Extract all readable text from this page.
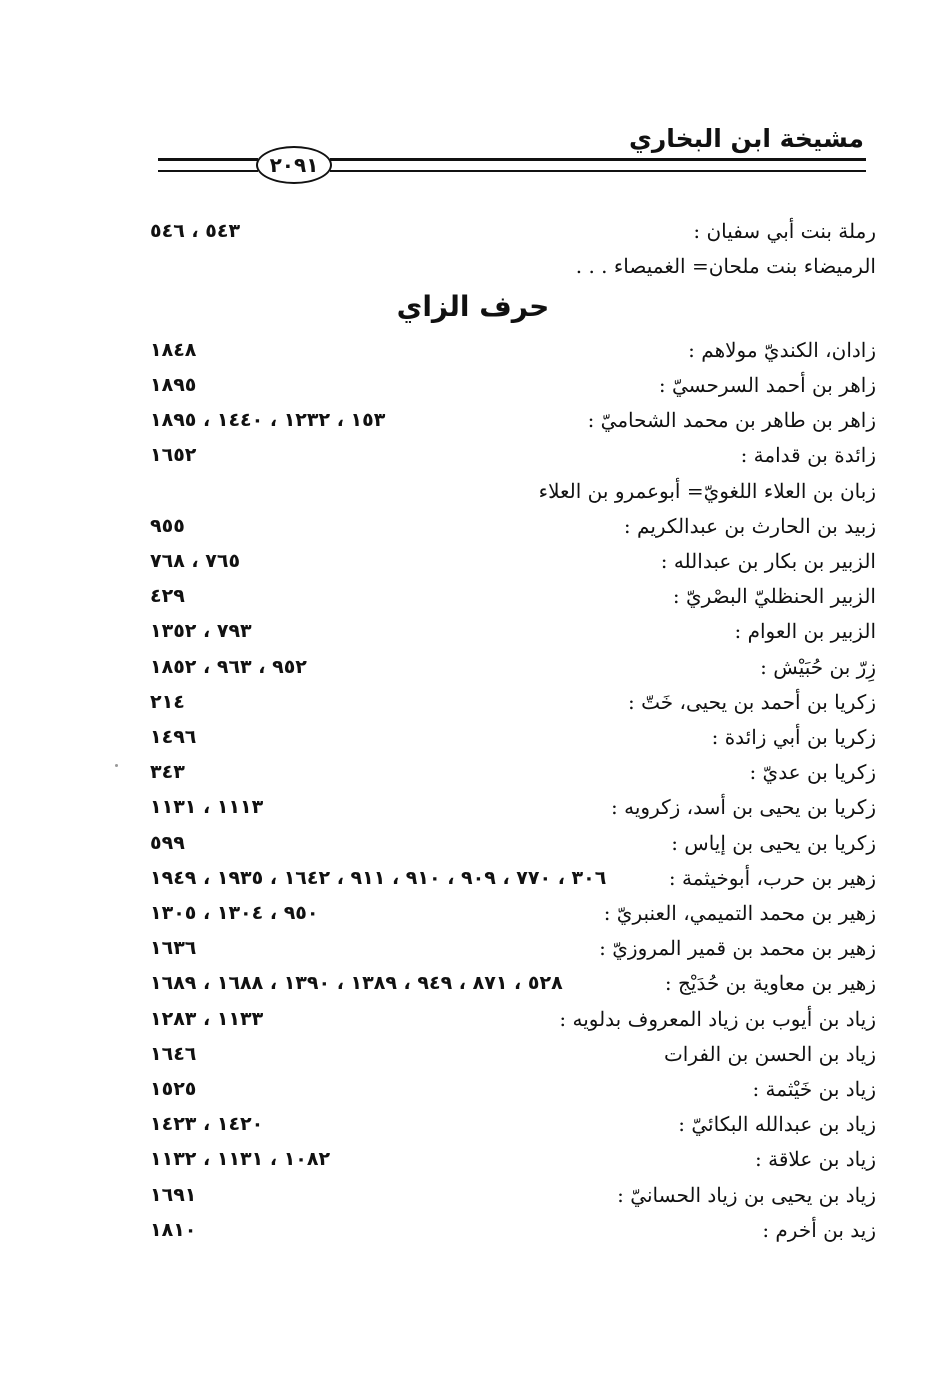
مشيخة ابن البخاري
٢٠٩١
٥٤٣ ، ٥٤٦	رملة بنت أبي سفيان :
الرميضاء بنت ملحان= الغميصاء . . .
حرف الزاي
١٨٤٨	زادان، الكنديّ مولاهم :
١٨٩٥	زاهر بن أحمد السرحسيّ :
١٥٣ ، ١٢٣٢ ، ١٤٤٠ ، ١٨٩٥	زاهر بن طاهر بن محمد الشحاميّ :
١٦٥٢	زائدة بن قدامة :
زبان بن العلاء اللغويّ= أبوعمرو بن العلاء
٩٥٥	زبيد بن الحارث بن عبدالكريم :
٧٦٥ ، ٧٦٨	الزبير بن بكار بن عبدالله :
٤٢٩	الزبير الحنظليّ البصْريّ :
٧٩٣ ، ١٣٥٢	الزبير بن العوام :
٩٥٢ ، ٩٦٣ ، ١٨٥٢	زِرّ بن حُبَيْش :
٢١٤	زكريا بن أحمد بن يحيى، خَتّ :
١٤٩٦	زكريا بن أبي زائدة :
٣٤٣	زكريا بن عديّ :
١١١٣ ، ١١٣١	زكريا بن يحيى بن أسد، زكرويه :
٥٩٩	زكريا بن يحيى بن إياس :
٣٠٦ ، ٧٧٠ ، ٩٠٩ ، ٩١٠ ، ٩١١ ، ١٦٤٢ ، ١٩٣٥ ، ١٩٤٩	زهير بن حرب، أبوخيثمة :
٩٥٠ ، ١٣٠٤ ، ١٣٠٥	زهير بن محمد التميمي، العنبريّ :
١٦٣٦	زهير بن محمد بن قمير المروزيّ :
٥٢٨ ، ٨٧١ ، ٩٤٩ ، ١٣٨٩ ، ١٣٩٠ ، ١٦٨٨ ، ١٦٨٩	زهير بن معاوية بن حُدَيْج :
١١٣٣ ، ١٢٨٣	زياد بن أيوب بن زياد المعروف بدلويه :
١٦٤٦	زياد بن الحسن بن الفرات
١٥٢٥	زياد بن خَيْثمة :
١٤٢٠ ، ١٤٢٣	زياد بن عبدالله البكائيّ :
١٠٨٢ ، ١١٣١ ، ١١٣٢	زياد بن علاقة :
١٦٩١	زياد بن يحيى بن زياد الحسانيّ :
١٨١٠	زيد بن أخرم :
